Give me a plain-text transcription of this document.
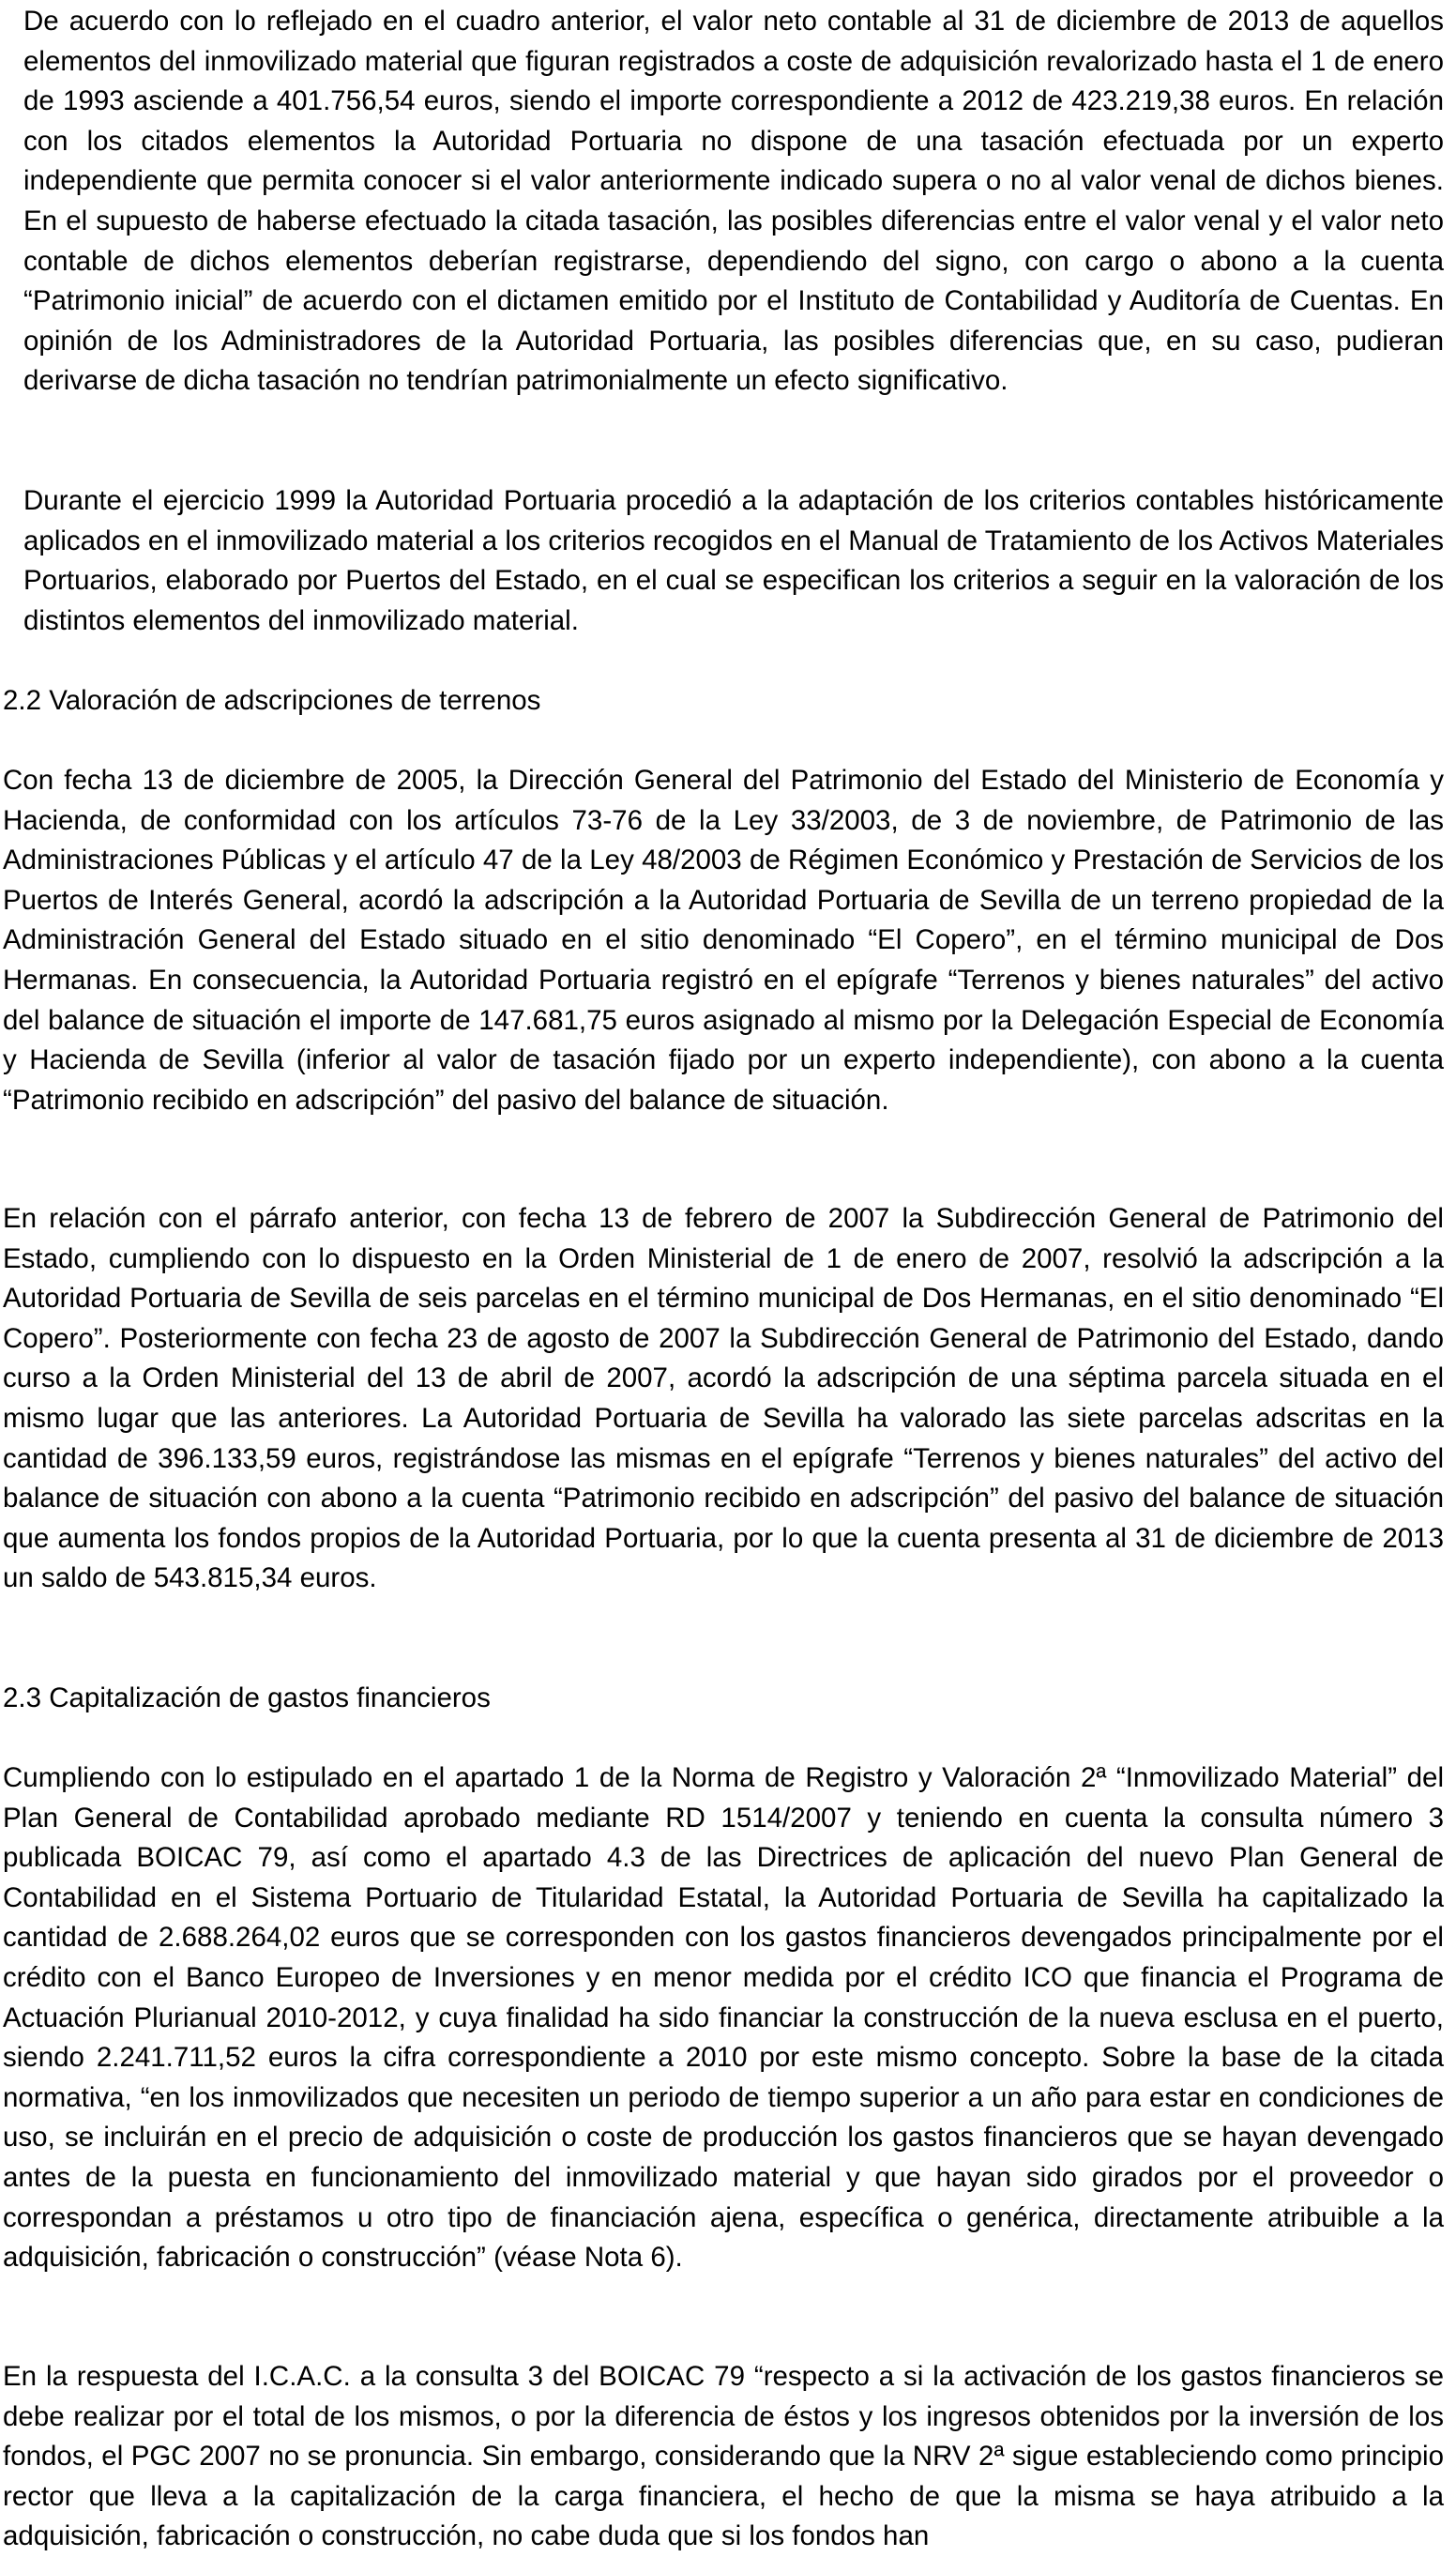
De acuerdo con lo reflejado en el cuadro anterior, el valor neto contable al 31 de diciembre de 2013 de aquellos elementos del inmovilizado material que figuran registrados a coste de adquisición revalorizado hasta el 1 de enero de 1993 asciende a 401.756,54 euros, siendo el importe correspondiente a 2012 de 423.219,38 euros. En relación con los citados elementos la Autoridad Portuaria no dispone de una tasación efectuada por un experto independiente que permita conocer si el valor anteriormente indicado supera o no al valor venal de dichos bienes. En el supuesto de haberse efectuado la citada tasación, las posibles diferencias entre el valor venal y el valor neto contable de dichos elementos deberían registrarse, dependiendo del signo, con cargo o abono a la cuenta “Patrimonio inicial” de acuerdo con el dictamen emitido por el Instituto de Contabilidad y Auditoría de Cuentas. En opinión de los Administradores de la Autoridad Portuaria, las posibles diferencias que, en su caso, pudieran derivarse de dicha tasación no tendrían patrimonialmente un efecto significativo.

Durante el ejercicio 1999 la Autoridad Portuaria procedió a la adaptación de los criterios contables históricamente aplicados en el inmovilizado material a los criterios recogidos en el Manual de Tratamiento de los Activos Materiales Portuarios, elaborado por Puertos del Estado, en el cual se especifican los criterios a seguir en la valoración de los distintos elementos del inmovilizado material.

2.2 Valoración de adscripciones de terrenos

Con fecha 13 de diciembre de 2005, la Dirección General del Patrimonio del Estado del Ministerio de Economía y Hacienda, de conformidad con los artículos 73-76 de la Ley 33/2003, de 3 de noviembre, de Patrimonio de las Administraciones Públicas y el artículo 47 de la Ley 48/2003 de Régimen Económico y Prestación de Servicios de los Puertos de Interés General, acordó la adscripción a la Autoridad Portuaria de Sevilla de un terreno propiedad de la Administración General del Estado situado en el sitio denominado “El Copero”, en el término municipal de Dos Hermanas. En consecuencia, la Autoridad Portuaria registró en el epígrafe “Terrenos y bienes naturales” del activo del balance de situación el importe de 147.681,75 euros asignado al mismo por la Delegación Especial de Economía y Hacienda de Sevilla (inferior al valor de tasación fijado por un experto independiente), con abono a la cuenta “Patrimonio recibido en adscripción” del pasivo del balance de situación.

En relación con el párrafo anterior, con fecha 13 de febrero de 2007 la Subdirección General de Patrimonio del Estado, cumpliendo con lo dispuesto en la Orden Ministerial de 1 de enero de 2007, resolvió la adscripción a la Autoridad Portuaria de Sevilla de seis parcelas en el término municipal de Dos Hermanas, en el sitio denominado “El Copero”. Posteriormente con fecha 23 de agosto de 2007 la Subdirección General de Patrimonio del Estado, dando curso a la Orden Ministerial del 13 de abril de 2007, acordó la adscripción de una séptima parcela situada en el mismo lugar que las anteriores. La Autoridad Portuaria de Sevilla ha valorado las siete parcelas adscritas en la cantidad de 396.133,59 euros, registrándose las mismas en el epígrafe “Terrenos y bienes naturales” del activo del balance de situación con abono a la cuenta “Patrimonio recibido en adscripción” del pasivo del balance de situación que aumenta los fondos propios de la Autoridad Portuaria, por lo que la cuenta presenta al 31 de diciembre de 2013 un saldo de 543.815,34 euros.

2.3 Capitalización de gastos financieros

Cumpliendo con lo estipulado en el apartado 1 de la Norma de Registro y Valoración 2ª “Inmovilizado Material” del Plan General de Contabilidad aprobado mediante RD 1514/2007 y teniendo en cuenta la consulta número 3 publicada BOICAC 79, así como el apartado 4.3 de las Directrices de aplicación del nuevo Plan General de Contabilidad en el Sistema Portuario de Titularidad Estatal, la Autoridad Portuaria de Sevilla ha capitalizado la cantidad de 2.688.264,02 euros que se corresponden con los gastos financieros devengados principalmente por el crédito con el Banco Europeo de Inversiones y en menor medida por el crédito ICO que financia el Programa de Actuación Plurianual 2010-2012, y cuya finalidad ha sido financiar la construcción de la nueva esclusa en el puerto, siendo 2.241.711,52 euros la cifra correspondiente a 2010 por este mismo concepto. Sobre la base de la citada normativa, “en los inmovilizados que necesiten un periodo de tiempo superior a un año para estar en condiciones de uso, se incluirán en el precio de adquisición o coste de producción los gastos financieros que se hayan devengado antes de la puesta en funcionamiento del inmovilizado material y que hayan sido girados por el proveedor o correspondan a préstamos u otro tipo de financiación ajena, específica o genérica, directamente atribuible a la adquisición, fabricación o construcción” (véase Nota 6).

En la respuesta del I.C.A.C. a la consulta 3 del BOICAC 79 “respecto a si la activación de los gastos financieros se debe realizar por el total de los mismos, o por la diferencia de éstos y los ingresos obtenidos por la inversión de los fondos, el PGC 2007 no se pronuncia. Sin embargo, considerando que la NRV 2ª sigue estableciendo como principio rector que lleva a la capitalización de la carga financiera, el hecho de que la misma se haya atribuido a la adquisición, fabricación o construcción, no cabe duda que si los fondos han
